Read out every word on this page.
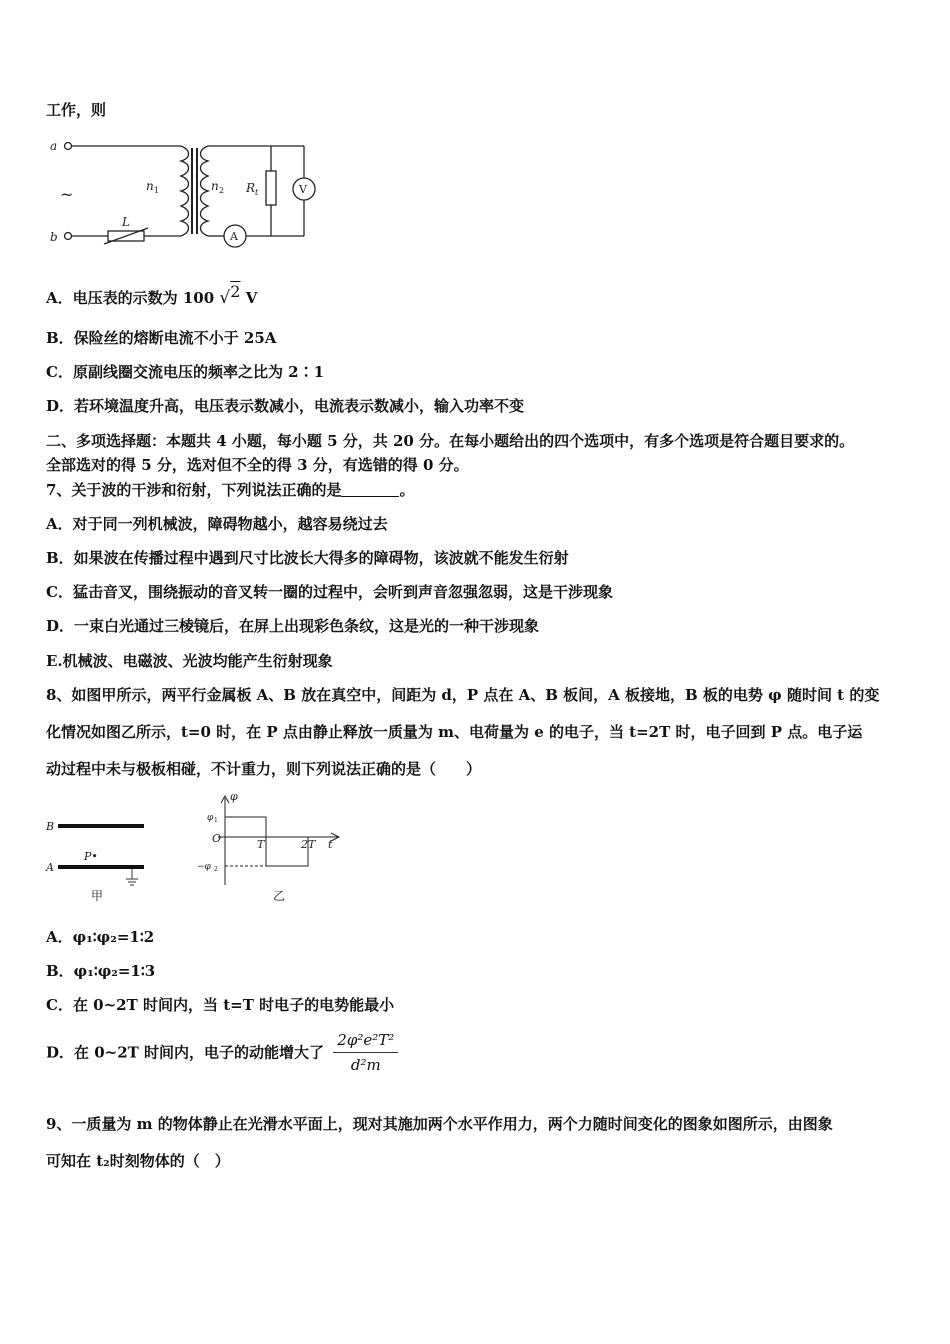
工作，则
a
b
n 1	n 2 R t
L
V
A
~
A．电压表的示数为 100 √2 V
B．保险丝的熔断电流不小于 25A
C．原副线圈交流电压的频率之比为 2∶1
D．若环境温度升高，电压表示数减小，电流表示数减小，输入功率不变
二、多项选择题：本题共 4 小题，每小题 5 分，共 20 分。在每小题给出的四个选项中，有多个选项是符合题目要求的。
全部选对的得 5 分，选对但不全的得 3 分，有选错的得 0 分。
7、关于波的干涉和衍射，下列说法正确的是	。
A．对于同一列机械波，障碍物越小，越容易绕过去
B．如果波在传播过程中遇到尺寸比波长大得多的障碍物，该波就不能发生衍射
C．猛击音叉，围绕振动的音叉转一圈的过程中，会听到声音忽强忽弱，这是干涉现象
D．一束白光通过三棱镜后，在屏上出现彩色条纹，这是光的一种干涉现象
E.机械波、电磁波、光波均能产生衍射现象
8、如图甲所示，两平行金属板 A、B 放在真空中，间距为 d，P 点在 A、B 板间，A 板接地，B 板的电势 φ 随时间 t 的变
化情况如图乙所示，t=0 时，在 P 点由静止释放一质量为 m、电荷量为 e 的电子，当 t=2T 时，电子回到 P 点。电子运
动过程中未与极板相碰，不计重力，则下列说法正确的是（　　）
B
A
P•
甲
φ
φ 1
O
−φ 2
T	2T t
乙
A．φ₁∶φ₂=1∶2
B．φ₁∶φ₂=1∶3
C．在 0~2T 时间内，当 t=T 时电子的电势能最小
D．在 0~2T 时间内，电子的动能增大了 $\frac{\text{2φ²e²T²}}{\text{d²m}}$
9、一质量为 m 的物体静止在光滑水平面上，现对其施加两个水平作用力，两个力随时间变化的图象如图所示，由图象
可知在 t₂时刻物体的（　）
